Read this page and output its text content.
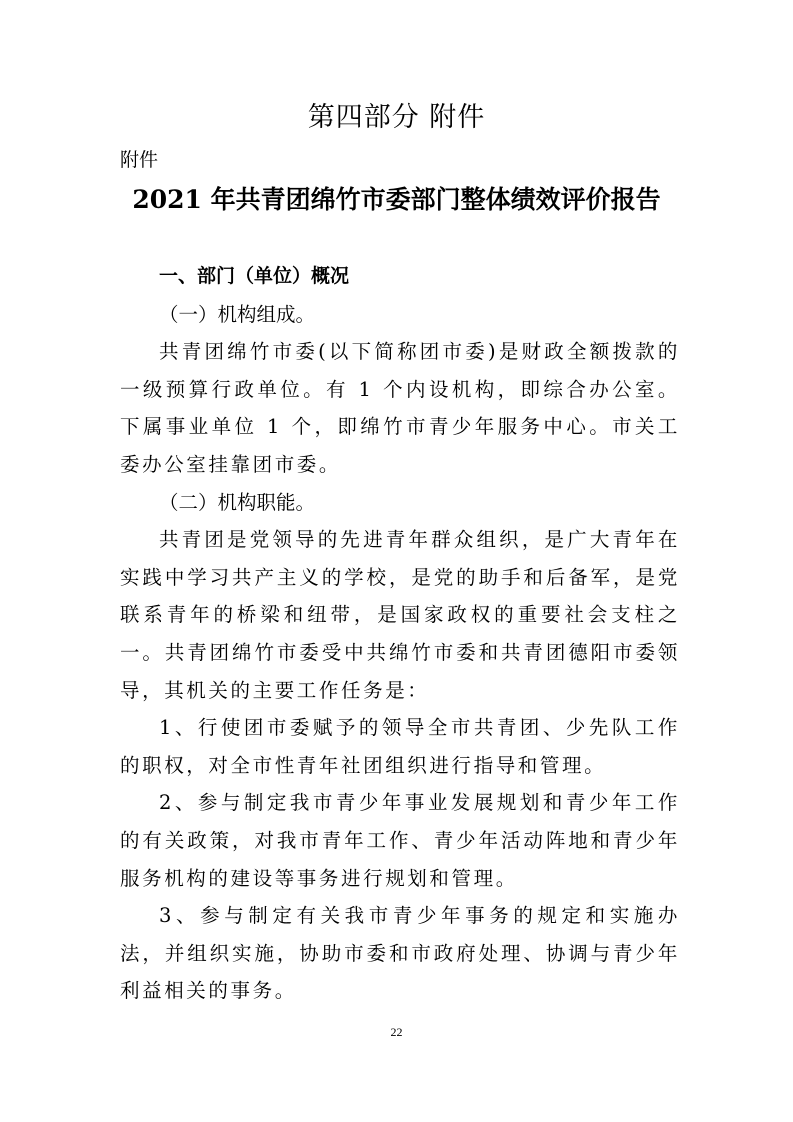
第四部分 附件
附件
2021 年共青团绵竹市委部门整体绩效评价报告

一、部门（单位）概况

（一）机构组成。

共青团绵竹市委(以下简称团市委)是财政全额拨款的一级预算行政单位。有 1 个内设机构，即综合办公室。下属事业单位 1 个，即绵竹市青少年服务中心。市关工委办公室挂靠团市委。

（二）机构职能。

共青团是党领导的先进青年群众组织，是广大青年在实践中学习共产主义的学校，是党的助手和后备军，是党联系青年的桥梁和纽带，是国家政权的重要社会支柱之一。共青团绵竹市委受中共绵竹市委和共青团德阳市委领导，其机关的主要工作任务是：

1、行使团市委赋予的领导全市共青团、少先队工作的职权，对全市性青年社团组织进行指导和管理。

2、参与制定我市青少年事业发展规划和青少年工作的有关政策，对我市青年工作、青少年活动阵地和青少年服务机构的建设等事务进行规划和管理。

3、参与制定有关我市青少年事务的规定和实施办法，并组织实施，协助市委和市政府处理、协调与青少年利益相关的事务。

22
